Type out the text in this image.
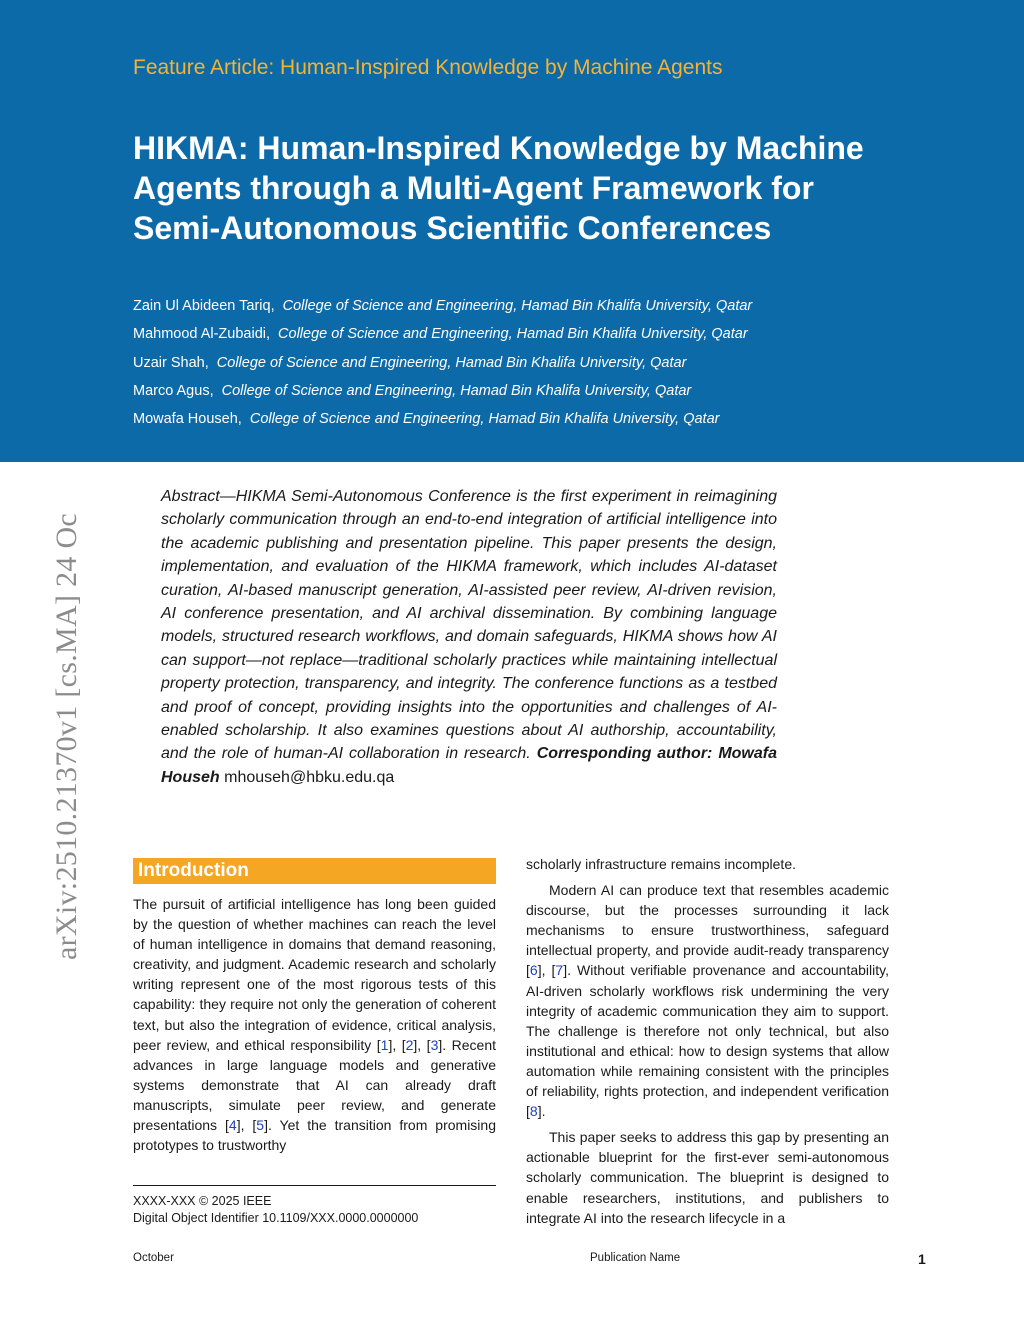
Feature Article: Human-Inspired Knowledge by Machine Agents
HIKMA: Human-Inspired Knowledge by Machine Agents through a Multi-Agent Framework for Semi-Autonomous Scientific Conferences
Zain Ul Abideen Tariq, College of Science and Engineering, Hamad Bin Khalifa University, Qatar
Mahmood Al-Zubaidi, College of Science and Engineering, Hamad Bin Khalifa University, Qatar
Uzair Shah, College of Science and Engineering, Hamad Bin Khalifa University, Qatar
Marco Agus, College of Science and Engineering, Hamad Bin Khalifa University, Qatar
Mowafa Househ, College of Science and Engineering, Hamad Bin Khalifa University, Qatar
arXiv:2510.21370v1 [cs.MA] 24 Oc

Abstract—HIKMA Semi-Autonomous Conference is the first experiment in reimagining scholarly communication through an end-to-end integration of artificial intelligence into the academic publishing and presentation pipeline. This paper presents the design, implementation, and evaluation of the HIKMA framework, which includes AI-dataset curation, AI-based manuscript generation, AI-assisted peer review, AI-driven revision, AI conference presentation, and AI archival dissemination. By combining language models, structured research workflows, and domain safeguards, HIKMA shows how AI can support—not replace—traditional scholarly practices while maintaining intellectual property protection, transparency, and integrity. The conference functions as a testbed and proof of concept, providing insights into the opportunities and challenges of AI-enabled scholarship. It also examines questions about AI authorship, accountability, and the role of human-AI collaboration in research. Corresponding author: Mowafa Househ mhouseh@hbku.edu.qa

Introduction

The pursuit of artificial intelligence has long been guided by the question of whether machines can reach the level of human intelligence in domains that demand reasoning, creativity, and judgment. Academic research and scholarly writing represent one of the most rigorous tests of this capability: they require not only the generation of coherent text, but also the integration of evidence, critical analysis, peer review, and ethical responsibility [1], [2], [3]. Recent advances in large language models and generative systems demonstrate that AI can already draft manuscripts, simulate peer review, and generate presentations [4], [5]. Yet the transition from promising prototypes to trustworthy

XXXX-XXX © 2025 IEEE
Digital Object Identifier 10.1109/XXX.0000.0000000

scholarly infrastructure remains incomplete.

Modern AI can produce text that resembles academic discourse, but the processes surrounding it lack mechanisms to ensure trustworthiness, safeguard intellectual property, and provide audit-ready transparency [6], [7]. Without verifiable provenance and accountability, AI-driven scholarly workflows risk undermining the very integrity of academic communication they aim to support. The challenge is therefore not only technical, but also institutional and ethical: how to design systems that allow automation while remaining consistent with the principles of reliability, rights protection, and independent verification [8].

This paper seeks to address this gap by presenting an actionable blueprint for the first-ever semi-autonomous scholarly communication. The blueprint is designed to enable researchers, institutions, and publishers to integrate AI into the research lifecycle in a

October	Publication Name	1
